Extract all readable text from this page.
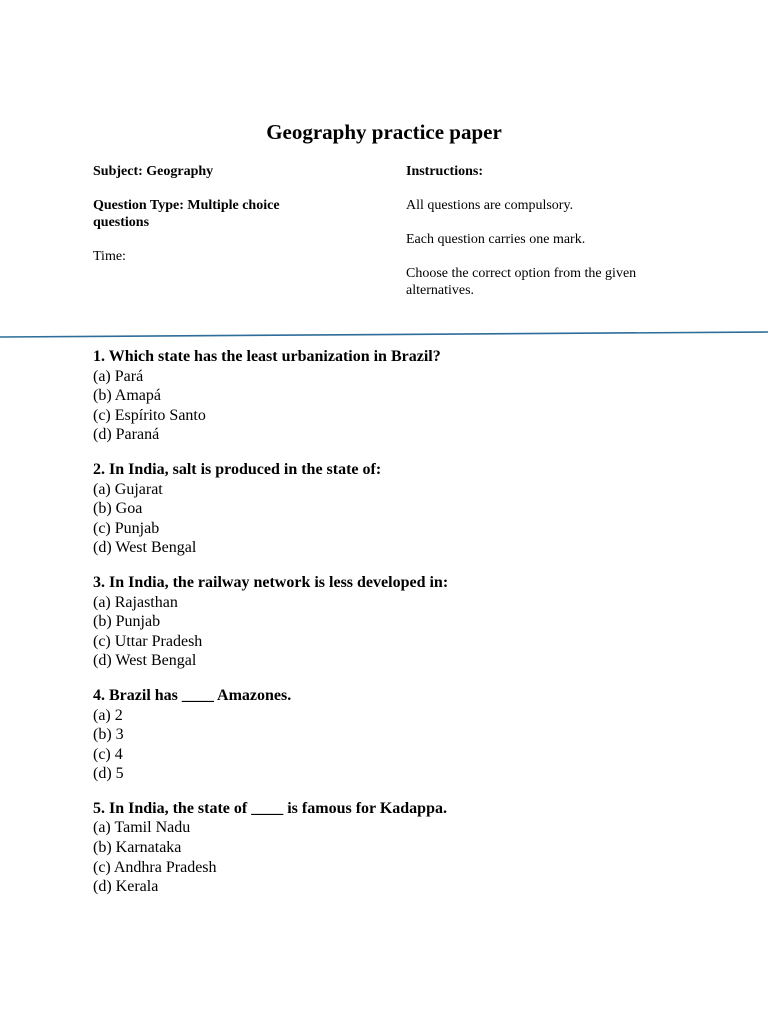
Geography practice paper
Subject: Geography
Question Type: Multiple choice questions
Time:
Instructions:
All questions are compulsory.
Each question carries one mark.
Choose the correct option from the given alternatives.
1. Which state has the least urbanization in Brazil?
(a) Pará
(b) Amapá
(c) Espírito Santo
(d) Paraná
2. In India, salt is produced in the state of:
(a) Gujarat
(b) Goa
(c) Punjab
(d) West Bengal
3. In India, the railway network is less developed in:
(a) Rajasthan
(b) Punjab
(c) Uttar Pradesh
(d) West Bengal
4. Brazil has ____ Amazones.
(a) 2
(b) 3
(c) 4
(d) 5
5. In India, the state of ____ is famous for Kadappa.
(a) Tamil Nadu
(b) Karnataka
(c) Andhra Pradesh
(d) Kerala
